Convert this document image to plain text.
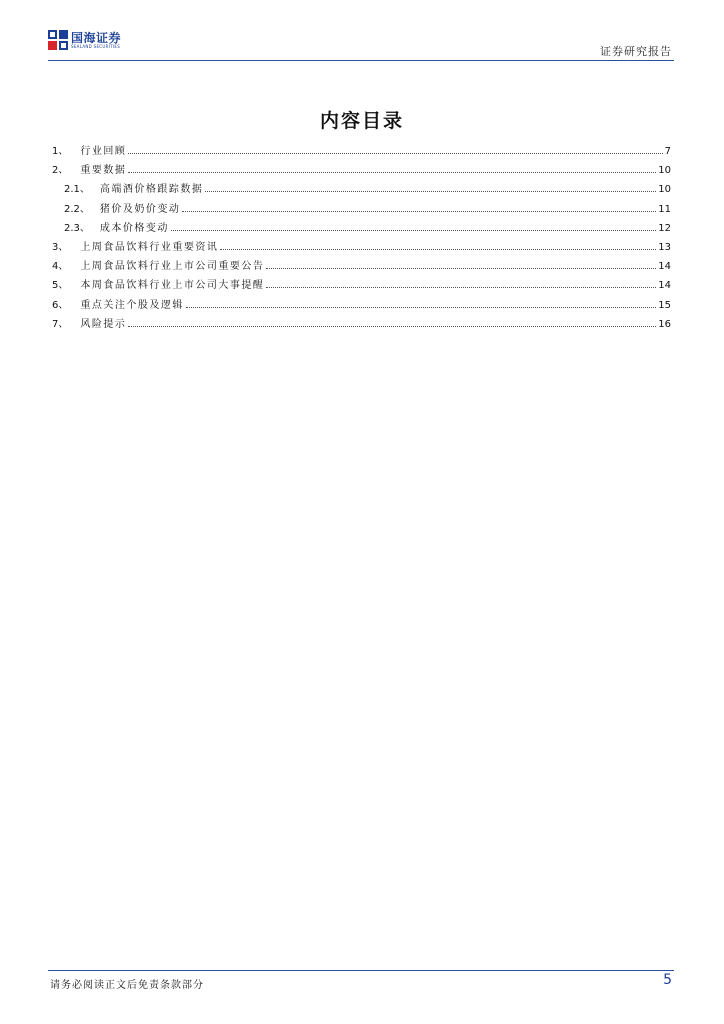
国海证券
SEALAND SECURITIES	证券研究报告
内容目录
1、 行业回顾	7
2、 重要数据	10
2.1、 高端酒价格跟踪数据	10
2.2、 猪价及奶价变动	11
2.3、 成本价格变动	12
3、 上周食品饮料行业重要资讯	13
4、 上周食品饮料行业上市公司重要公告	14
5、 本周食品饮料行业上市公司大事提醒	14
6、 重点关注个股及逻辑	15
7、 风险提示	16
请务必阅读正文后免责条款部分	5
